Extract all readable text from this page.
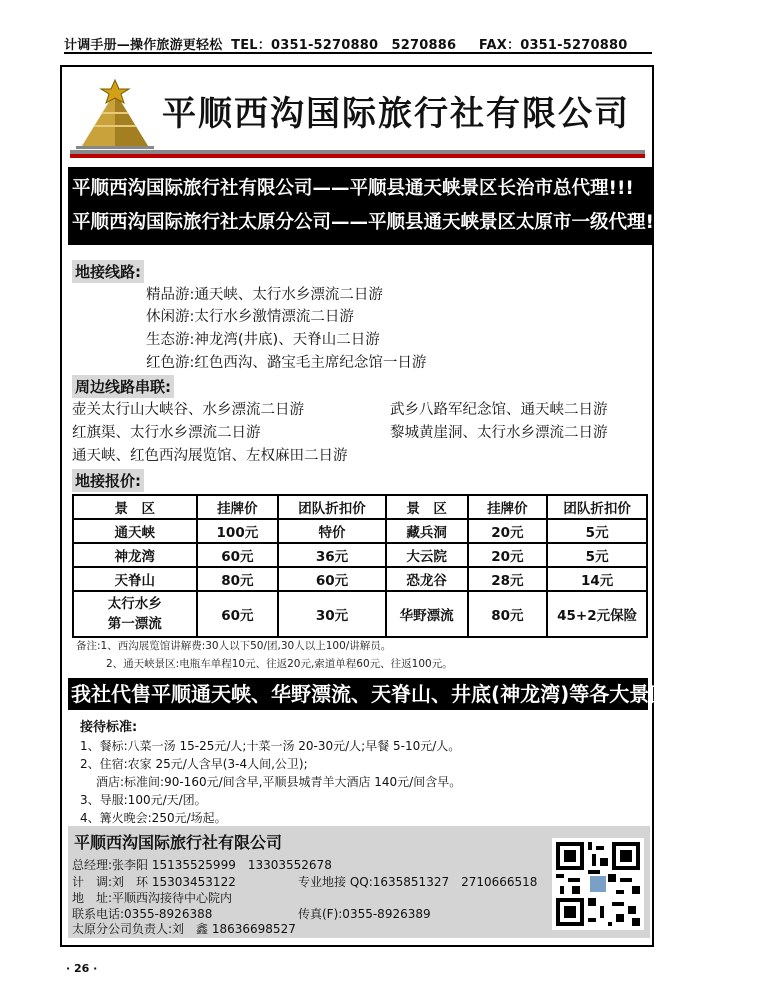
计调手册—操作旅游更轻松 TEL：0351-5270880　5270886 FAX：0351-5270880
平顺西沟国际旅行社有限公司
平顺西沟国际旅行社有限公司——平顺县通天峡景区长治市总代理!!!
平顺西沟国际旅行社太原分公司——平顺县通天峡景区太原市一级代理!!!
地接线路:
精品游:通天峡、太行水乡漂流二日游
休闲游:太行水乡激情漂流二日游
生态游:神龙湾(井底)、天脊山二日游
红色游:红色西沟、潞宝毛主席纪念馆一日游
周边线路串联:
壶关太行山大峡谷、水乡漂流二日游
红旗渠、太行水乡漂流二日游
通天峡、红色西沟展览馆、左权麻田二日游
武乡八路军纪念馆、通天峡二日游
黎城黄崖洞、太行水乡漂流二日游
地接报价:
景　区	挂牌价	团队折扣价	景　区	挂牌价	团队折扣价
通天峡	100元	特价	藏兵洞	20元	5元
神龙湾	60元	36元	大云院	20元	5元
天脊山	80元	60元	恐龙谷	28元	14元
太行水乡
第一漂流	60元	30元	华野漂流	80元	45+2元保险
备注:1、西沟展览馆讲解费:30人以下50/团,30人以上100/讲解员。
2、通天峡景区:电瓶车单程10元、往返20元,索道单程60元、往返100元。
我社代售平顺通天峡、华野漂流、天脊山、井底(神龙湾)等各大景区折扣门票!
接待标准:
1、餐标:八菜一汤 15-25元/人;十菜一汤 20-30元/人;早餐 5-10元/人。
2、住宿:农家 25元/人含早(3-4人间,公卫);
酒店:标准间:90-160元/间含早,平顺县城青羊大酒店 140元/间含早。
3、导服:100元/天/团。
4、篝火晚会:250元/场起。
平顺西沟国际旅行社有限公司
总经理:张李阳 15135525999　13303552678
计　调:刘　环 15303453122	专业地接 QQ:1635851327　2710666518
地　址:平顺西沟接待中心院内
联系电话:0355-8926388	传真(F):0355-8926389
太原分公司负责人:刘　鑫 18636698527
· 26 ·
